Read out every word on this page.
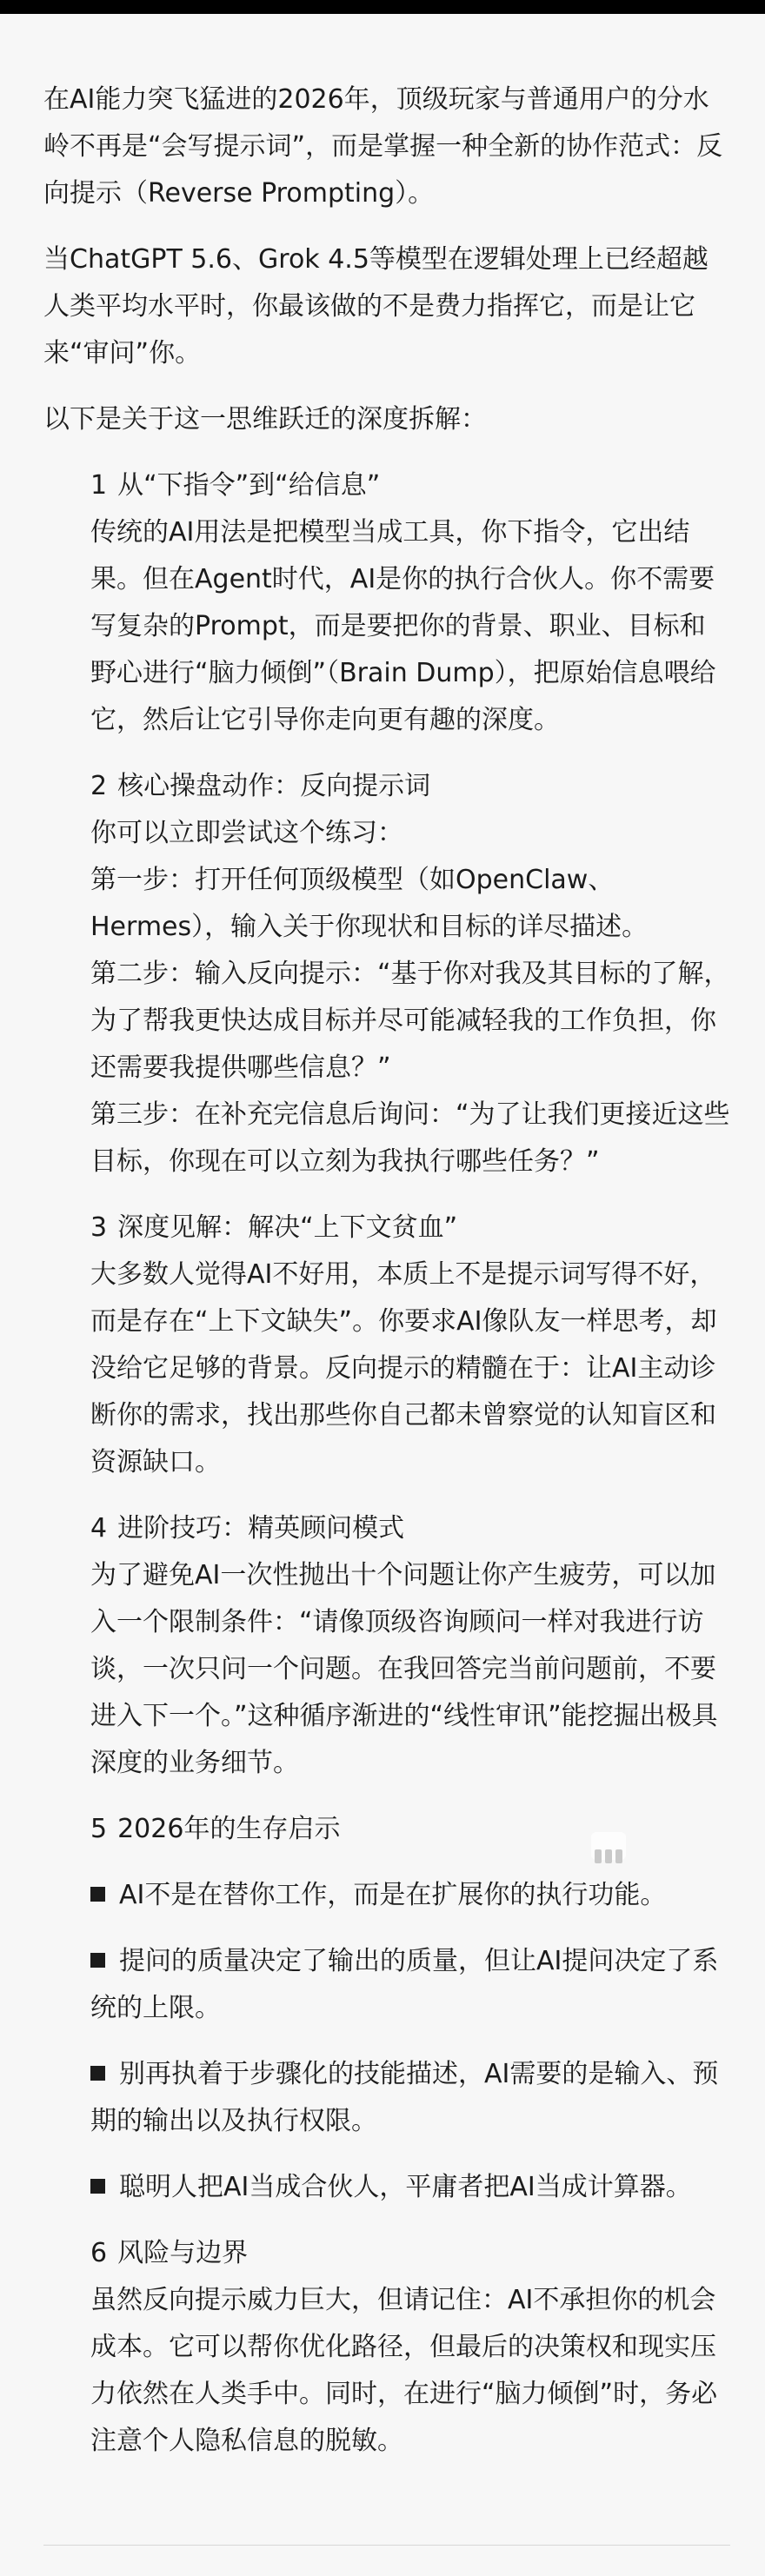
在AI能力突飞猛进的2026年，顶级玩家与普通用户的分水岭不再是“会写提示词”，而是掌握一种全新的协作范式：反向提示（Reverse Prompting）。

当ChatGPT 5.6、Grok 4.5等模型在逻辑处理上已经超越人类平均水平时，你最该做的不是费力指挥它，而是让它来“审问”你。

以下是关于这一思维跃迁的深度拆解：

1 从“下指令”到“给信息”

传统的AI用法是把模型当成工具，你下指令，它出结果。但在Agent时代，AI是你的执行合伙人。你不需要写复杂的Prompt，而是要把你的背景、职业、目标和野心进行“脑力倾倒”（Brain Dump），把原始信息喂给它，然后让它引导你走向更有趣的深度。

2 核心操盘动作：反向提示词

你可以立即尝试这个练习：

第一步：打开任何顶级模型（如OpenClaw、Hermes），输入关于你现状和目标的详尽描述。

第二步：输入反向提示：“基于你对我及其目标的了解，为了帮我更快达成目标并尽可能减轻我的工作负担，你还需要我提供哪些信息？”

第三步：在补充完信息后询问：“为了让我们更接近这些目标，你现在可以立刻为我执行哪些任务？”

3 深度见解：解决“上下文贫血”

大多数人觉得AI不好用，本质上不是提示词写得不好，而是存在“上下文缺失”。你要求AI像队友一样思考，却没给它足够的背景。反向提示的精髓在于：让AI主动诊断你的需求，找出那些你自己都未曾察觉的认知盲区和资源缺口。

4 进阶技巧：精英顾问模式

为了避免AI一次性抛出十个问题让你产生疲劳，可以加入一个限制条件：“请像顶级咨询顾问一样对我进行访谈，一次只问一个问题。在我回答完当前问题前，不要进入下一个。”这种循序渐进的“线性审讯”能挖掘出极具深度的业务细节。

5 2026年的生存启示

AI不是在替你工作，而是在扩展你的执行功能。

提问的质量决定了输出的质量，但让AI提问决定了系统的上限。

别再执着于步骤化的技能描述，AI需要的是输入、预期的输出以及执行权限。

聪明人把AI当成合伙人，平庸者把AI当成计算器。

6 风险与边界

虽然反向提示威力巨大，但请记住：AI不承担你的机会成本。它可以帮你优化路径，但最后的决策权和现实压力依然在人类手中。同时，在进行“脑力倾倒”时，务必注意个人隐私信息的脱敏。
